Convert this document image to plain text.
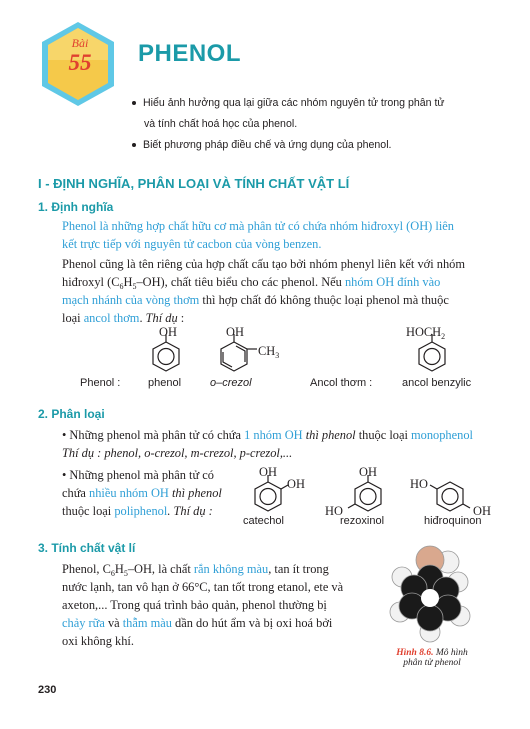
Bài
55	PHENOL
Hiểu ảnh hưởng qua lại giữa các nhóm nguyên tử trong phân tử
và tính chất hoá học của phenol.
Biết phương pháp điều chế và ứng dụng của phenol.
I - ĐỊNH NGHĨA, PHÂN LOẠI VÀ TÍNH CHẤT VẬT LÍ
1. Định nghĩa
Phenol là những hợp chất hữu cơ mà phân tử có chứa nhóm hiđroxyl (OH) liên
kết trực tiếp với nguyên tử cacbon của vòng benzen.
Phenol cũng là tên riêng của hợp chất cấu tạo bởi nhóm phenyl liên kết với nhóm
hiđroxyl $(C_6H_5-OH)$, chất tiêu biểu cho các phenol. Nếu nhóm OH đính vào
mạch nhánh của vòng thơm thì hợp chất đó không thuộc loại phenol mà thuộc
loại ancol thơm. Thí dụ :
OH	OH
$CH_3$
$HOCH_2$
Phenol :	phenol	o–crezol	Ancol thơm :	ancol benzylic
2. Phân loại
• Những phenol mà phân tử có chứa 1 nhóm OH thì phenol thuộc loại monophenol
Thí dụ : phenol, o-crezol, m-crezol, p-crezol,...
• Những phenol mà phân tử có
chứa nhiều nhóm OH thì phenol
thuộc loại poliphenol. Thí dụ :
OH
OH
OH
HO
HO
OH
catechol	rezoxinol	hiđroquinon
3. Tính chất vật lí
Phenol, $C_6H_5-OH$, là chất rắn không màu, tan ít trong
nước lạnh, tan vô hạn ở 66°C, tan tốt trong etanol, ete và
axeton,... Trong quá trình bảo quản, phenol thường bị
chảy rữa và thẫm màu dần do hút ẩm và bị oxi hoá bởi
oxi không khí.
Hình 8.6. Mô hình
phân tử phenol
230
